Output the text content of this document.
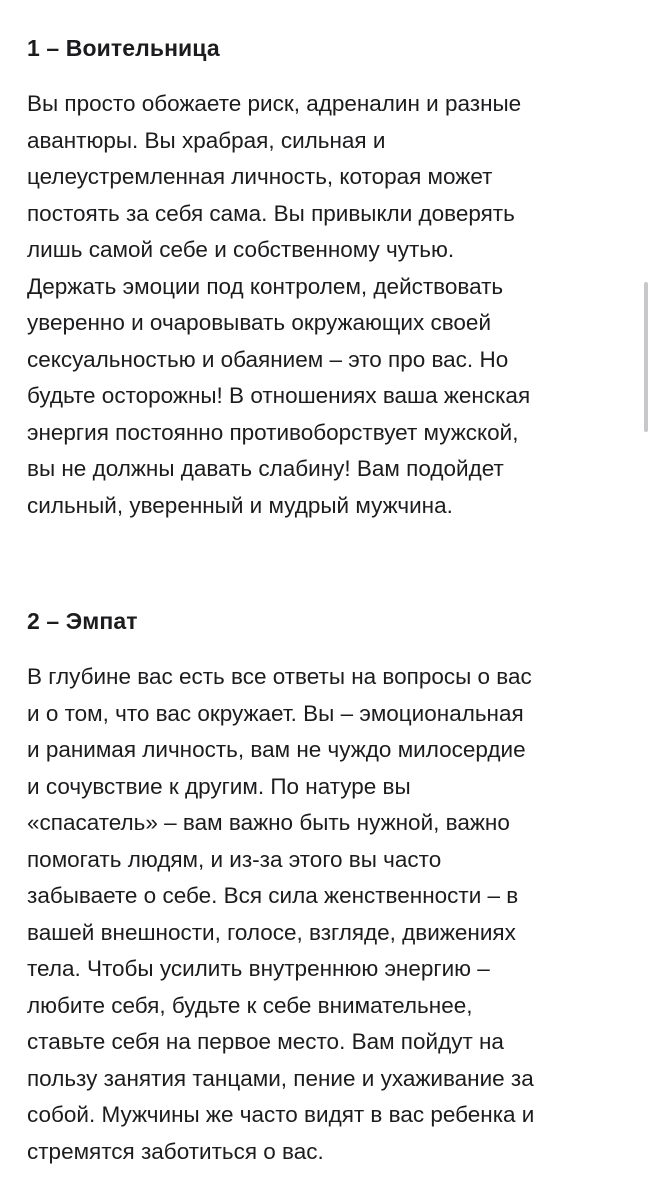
1 – Воительница
Вы просто обожаете риск, адреналин и разные
авантюры. Вы храбрая, сильная и
целеустремленная личность, которая может
постоять за себя сама. Вы привыкли доверять
лишь самой себе и собственному чутью.
Держать эмоции под контролем, действовать
уверенно и очаровывать окружающих своей
сексуальностью и обаянием – это про вас. Но
будьте осторожны! В отношениях ваша женская
энергия постоянно противоборствует мужской,
вы не должны давать слабину! Вам подойдет
сильный, уверенный и мудрый мужчина.
2 – Эмпат
В глубине вас есть все ответы на вопросы о вас
и о том, что вас окружает. Вы – эмоциональная
и ранимая личность, вам не чуждо милосердие
и сочувствие к другим. По натуре вы
«спасатель» – вам важно быть нужной, важно
помогать людям, и из-за этого вы часто
забываете о себе. Вся сила женственности – в
вашей внешности, голосе, взгляде, движениях
тела. Чтобы усилить внутреннюю энергию –
любите себя, будьте к себе внимательнее,
ставьте себя на первое место. Вам пойдут на
пользу занятия танцами, пение и ухаживание за
собой. Мужчины же часто видят в вас ребенка и
стремятся заботиться о вас.
